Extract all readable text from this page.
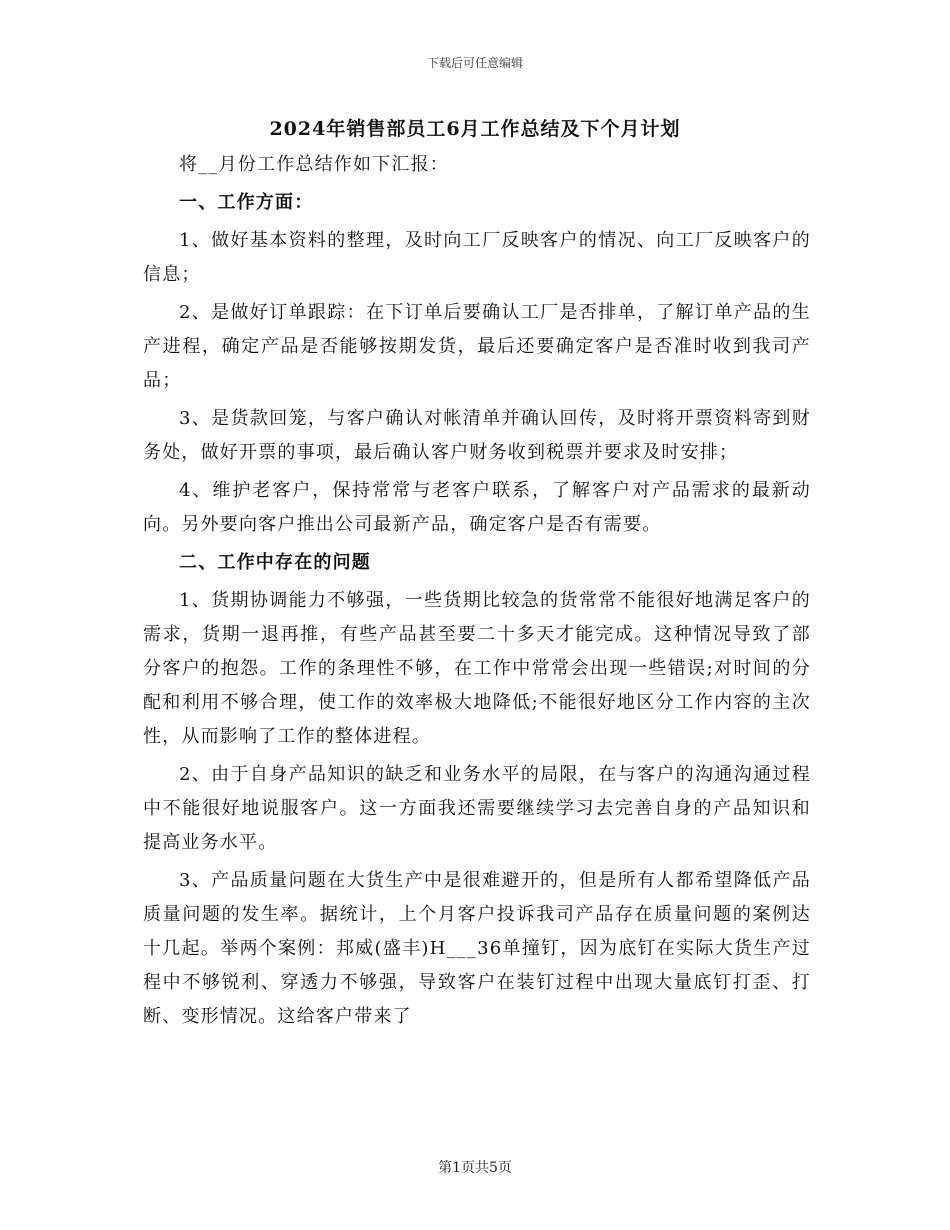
下载后可任意编辑
2024年销售部员工6月工作总结及下个月计划

将__月份工作总结作如下汇报：

一、工作方面：

1、做好基本资料的整理，及时向工厂反映客户的情况、向工厂反映客户的信息；

2、是做好订单跟踪：在下订单后要确认工厂是否排单，了解订单产品的生产进程，确定产品是否能够按期发货，最后还要确定客户是否准时收到我司产品；

3、是货款回笼，与客户确认对帐清单并确认回传，及时将开票资料寄到财务处，做好开票的事项，最后确认客户财务收到税票并要求及时安排；

4、维护老客户，保持常常与老客户联系，了解客户对产品需求的最新动向。另外要向客户推出公司最新产品，确定客户是否有需要。

二、工作中存在的问题

1、货期协调能力不够强，一些货期比较急的货常常不能很好地满足客户的需求，货期一退再推，有些产品甚至要二十多天才能完成。这种情况导致了部分客户的抱怨。工作的条理性不够，在工作中常常会出现一些错误;对时间的分配和利用不够合理，使工作的效率极大地降低;不能很好地区分工作内容的主次性，从而影响了工作的整体进程。

2、由于自身产品知识的缺乏和业务水平的局限，在与客户的沟通沟通过程中不能很好地说服客户。这一方面我还需要继续学习去完善自身的产品知识和提高业务水平。

3、产品质量问题在大货生产中是很难避开的，但是所有人都希望降低产品质量问题的发生率。据统计，上个月客户投诉我司产品存在质量问题的案例达十几起。举两个案例：邦威(盛丰)H___36单撞钉，因为底钉在实际大货生产过程中不够锐利、穿透力不够强，导致客户在装钉过程中出现大量底钉打歪、打断、变形情况。这给客户带来了

第1页共5页
